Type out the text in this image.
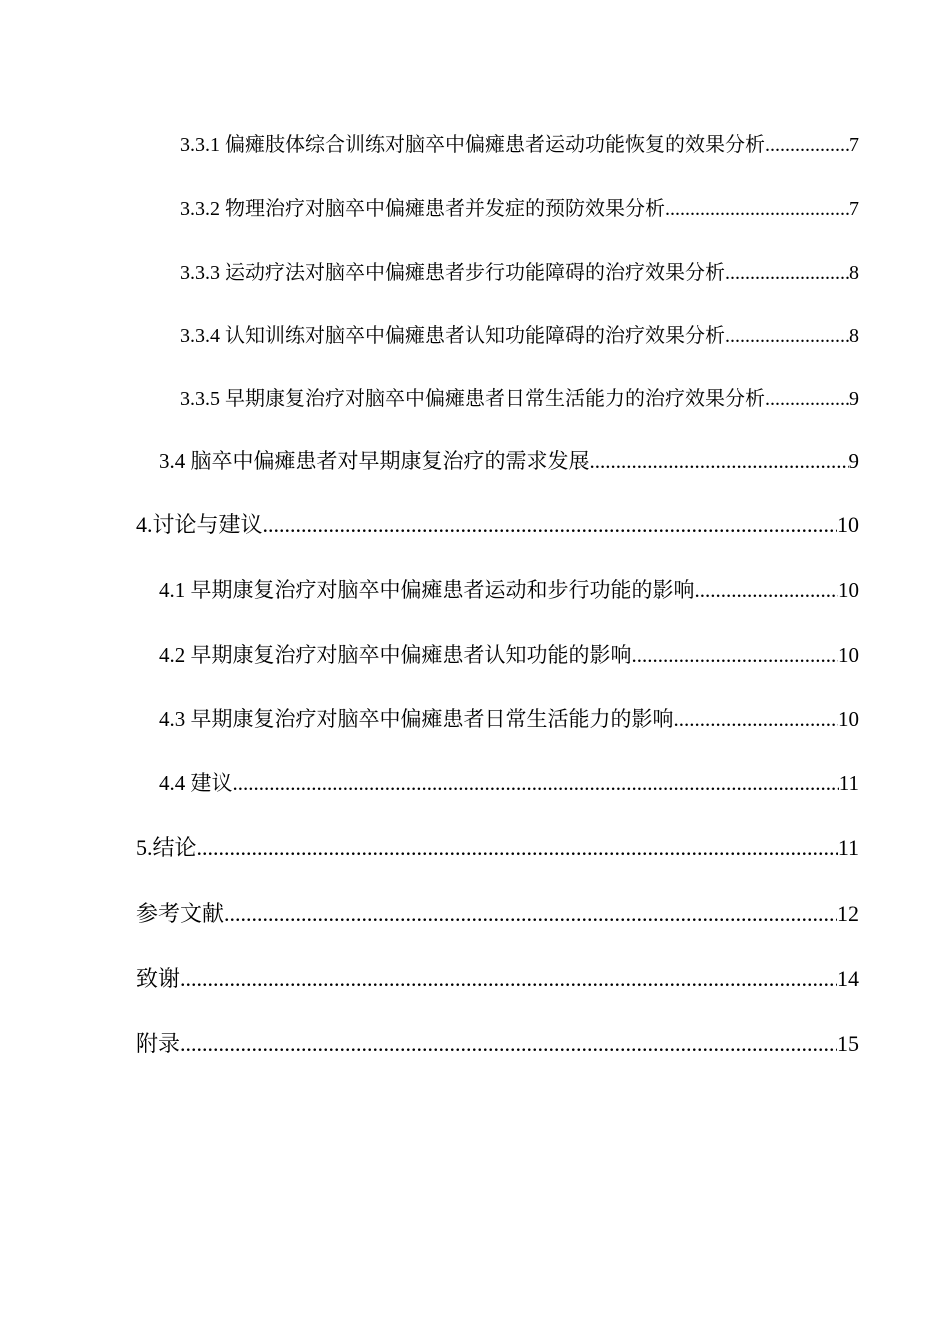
3.3.1 偏瘫肢体综合训练对脑卒中偏瘫患者运动功能恢复的效果分析 .....	7
3.3.2 物理治疗对脑卒中偏瘫患者并发症的预防效果分析 .....	7
3.3.3 运动疗法对脑卒中偏瘫患者步行功能障碍的治疗效果分析 .....	8
3.3.4 认知训练对脑卒中偏瘫患者认知功能障碍的治疗效果分析 .....	8
3.3.5 早期康复治疗对脑卒中偏瘫患者日常生活能力的治疗效果分析 .....	9
3.4 脑卒中偏瘫患者对早期康复治疗的需求发展 .....	9
4.讨论与建议 .....	10
4.1 早期康复治疗对脑卒中偏瘫患者运动和步行功能的影响 .....	10
4.2 早期康复治疗对脑卒中偏瘫患者认知功能的影响 .....	10
4.3 早期康复治疗对脑卒中偏瘫患者日常生活能力的影响 .....	10
4.4 建议 .....	11
5.结论 .....	11
参考文献 .....	12
致谢 .....	14
附录 .....	15
